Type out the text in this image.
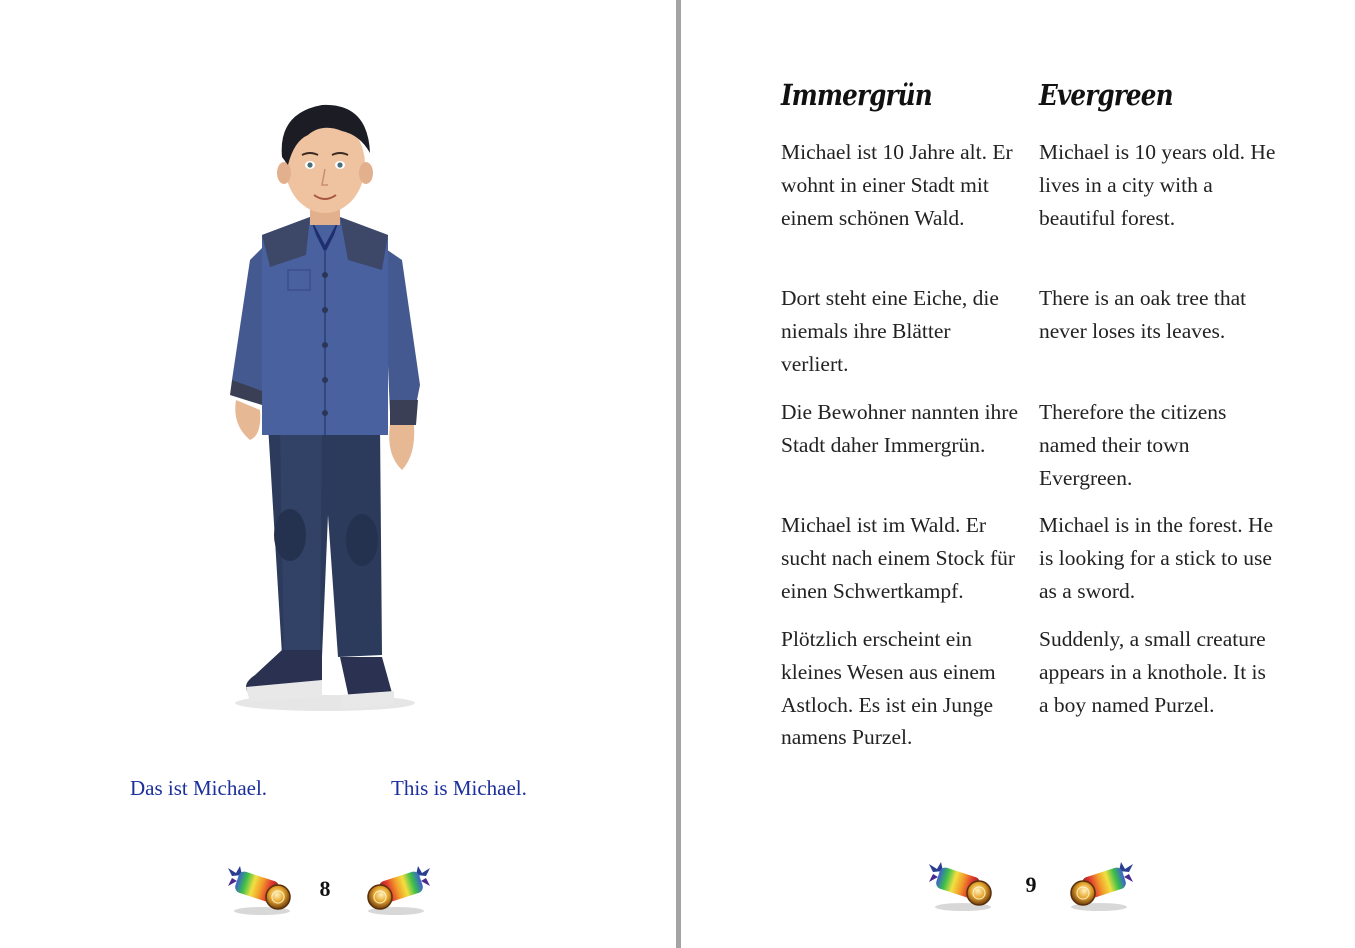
Das ist Michael.	This is Michael.

8
Immergrün	Evergreen

Michael ist 10 Jahre alt. Er wohnt in einer Stadt mit einem schönen Wald.

Michael is 10 years old. He lives in a city with a beautiful forest.

Dort steht eine Eiche, die niemals ihre Blätter verliert.

There is an oak tree that never loses its leaves.

Die Bewohner nannten ihre Stadt daher Immergrün.

Therefore the citizens named their town Evergreen.

Michael ist im Wald. Er sucht nach einem Stock für einen Schwertkampf.

Michael is in the forest. He is looking for a stick to use as a sword.

Plötzlich erscheint ein kleines Wesen aus einem Astloch. Es ist ein Junge namens Purzel.

Suddenly, a small creature appears in a knothole. It is a boy named Purzel.

9
